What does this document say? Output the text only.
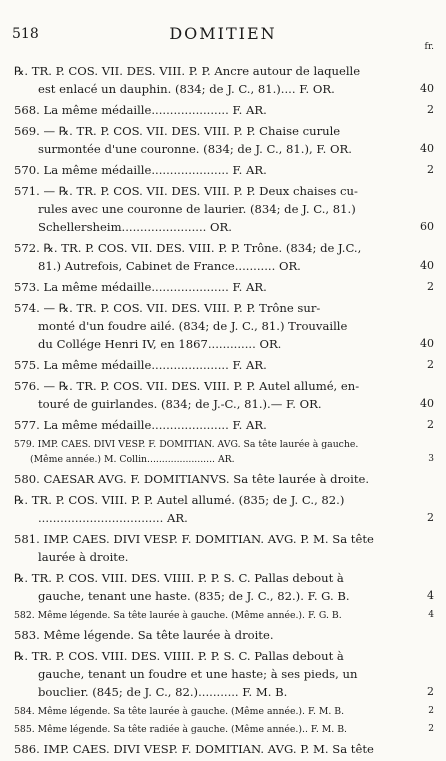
518	DOMITIEN
fr.
℞. TR. P. COS. VII. DES. VIII. P. P. Ancre autour de laquelle
est enlacé un dauphin. (834; de J. C., 81.).... F. OR.	40
568. La même médaille..................... F. AR.	2
569. — ℞. TR. P. COS. VII. DES. VIII. P. P. Chaise curule
surmontée d'une couronne. (834; de J. C., 81.), F. OR.	40
570. La même médaille..................... F. AR.	2
571. — ℞. TR. P. COS. VII. DES. VIII. P. P. Deux chaises cu-
rules avec une couronne de laurier. (834; de J. C., 81.)
Schellersheim....................... OR.	60
572. ℞. TR. P. COS. VII. DES. VIII. P. P. Trône. (834; de J.C.,
81.) Autrefois, Cabinet de France........... OR.	40
573. La même médaille..................... F. AR.	2
574. — ℞. TR. P. COS. VII. DES. VIII. P. P. Trône sur-
monté d'un foudre ailé. (834; de J. C., 81.) Trouvaille
du Collége Henri IV, en 1867............. OR.	40
575. La même médaille..................... F. AR.	2
576. — ℞. TR. P. COS. VII. DES. VIII. P. P. Autel allumé, en-
touré de guirlandes. (834; de J.-C., 81.).— F. OR.	40
577. La même médaille..................... F. AR.	2
579. IMP. CAES. DIVI VESP. F. DOMITIAN. AVG. Sa tête laurée à gauche.
(Même année.) M. Collin....................... AR.	3
580. CAESAR AVG. F. DOMITIANVS. Sa tête laurée à droite.
℞. TR. P. COS. VIII. P. P. Autel allumé. (835; de J. C., 82.)
.................................. AR.	2
581. IMP. CAES. DIVI VESP. F. DOMITIAN. AVG. P. M. Sa tête
laurée à droite.
℞. TR. P. COS. VIII. DES. VIIII. P. P. S. C. Pallas debout à
gauche, tenant une haste. (835; de J. C., 82.). F. G. B.	4
582. Même légende. Sa tête laurée à gauche. (Même année.). F. G. B.	4
583. Même légende. Sa tête laurée à droite.
℞. TR. P. COS. VIII. DES. VIIII. P. P. S. C. Pallas debout à
gauche, tenant un foudre et une haste; à ses pieds, un
bouclier. (845; de J. C., 82.)........... F. M. B.	2
584. Même légende. Sa tête laurée à gauche. (Même année.). F. M. B.	2
585. Même légende. Sa tête radiée à gauche. (Même année.).. F. M. B.	2
586. IMP. CAES. DIVI VESP. F. DOMITIAN. AVG. P. M. Sa tête
